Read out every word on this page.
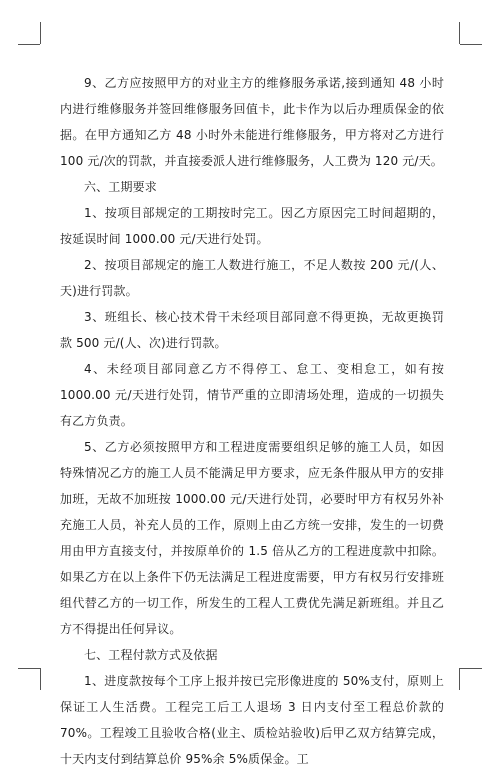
9、乙方应按照甲方的对业主方的维修服务承诺,接到通知 48 小时内进行维修服务并签回维修服务回值卡，此卡作为以后办理质保金的依据。在甲方通知乙方 48 小时外未能进行维修服务，甲方将对乙方进行 100 元/次的罚款，并直接委派人进行维修服务，人工费为 120 元/天。

六、工期要求

1、按项目部规定的工期按时完工。因乙方原因完工时间超期的，按延误时间 1000.00 元/天进行处罚。

2、按项目部规定的施工人数进行施工，不足人数按 200 元/(人、天)进行罚款。

3、班组长、核心技术骨干未经项目部同意不得更换，无故更换罚款 500 元/(人、次)进行罚款。

4、未经项目部同意乙方不得停工、怠工、变相怠工，如有按 1000.00 元/天进行处罚，情节严重的立即清场处理，造成的一切损失有乙方负责。

5、乙方必须按照甲方和工程进度需要组织足够的施工人员，如因特殊情况乙方的施工人员不能满足甲方要求，应无条件服从甲方的安排加班，无故不加班按 1000.00 元/天进行处罚，必要时甲方有权另外补充施工人员，补充人员的工作，原则上由乙方统一安排，发生的一切费用由甲方直接支付，并按原单价的 1.5 倍从乙方的工程进度款中扣除。如果乙方在以上条件下仍无法满足工程进度需要，甲方有权另行安排班组代替乙方的一切工作，所发生的工程人工费优先满足新班组。并且乙方不得提出任何异议。

七、工程付款方式及依据

1、进度款按每个工序上报并按已完形像进度的 50%支付，原则上保证工人生活费。工程完工后工人退场 3 日内支付至工程总价款的 70%。工程竣工且验收合格(业主、质检站验收)后甲乙双方结算完成，十天内支付到结算总价 95%余 5%质保金。工
